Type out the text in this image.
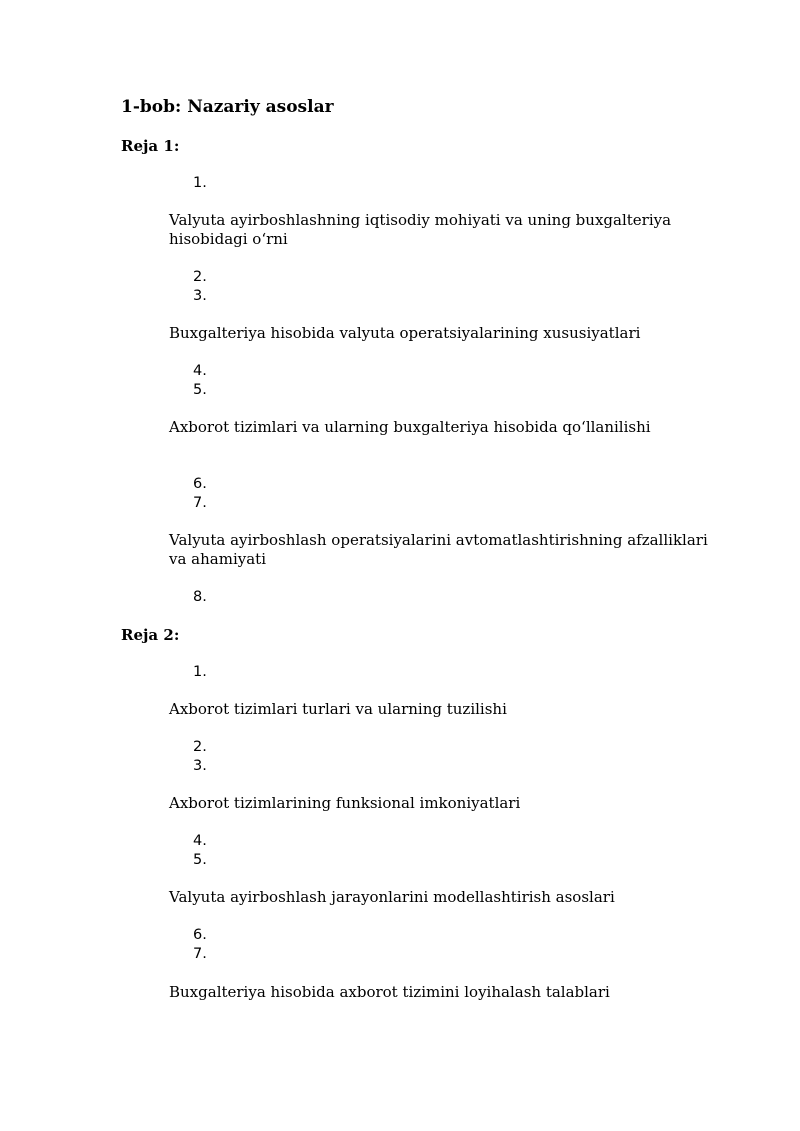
1-bob: Nazariy asoslar
Reja 1:
1.

Valyuta ayirboshlashning iqtisodiy mohiyati va uning buxgalteriya hisobidagi o‘rni

2.
3.

Buxgalteriya hisobida valyuta operatsiyalarining xususiyatlari

4.
5.

Axborot tizimlari va ularning buxgalteriya hisobida qo‘llanilishi

6.
7.

Valyuta ayirboshlash operatsiyalarini avtomatlashtirishning afzalliklari va ahamiyati

8.
Reja 2:
1.

Axborot tizimlari turlari va ularning tuzilishi

2.
3.

Axborot tizimlarining funksional imkoniyatlari

4.
5.

Valyuta ayirboshlash jarayonlarini modellashtirish asoslari

6.
7.

Buxgalteriya hisobida axborot tizimini loyihalash talablari
